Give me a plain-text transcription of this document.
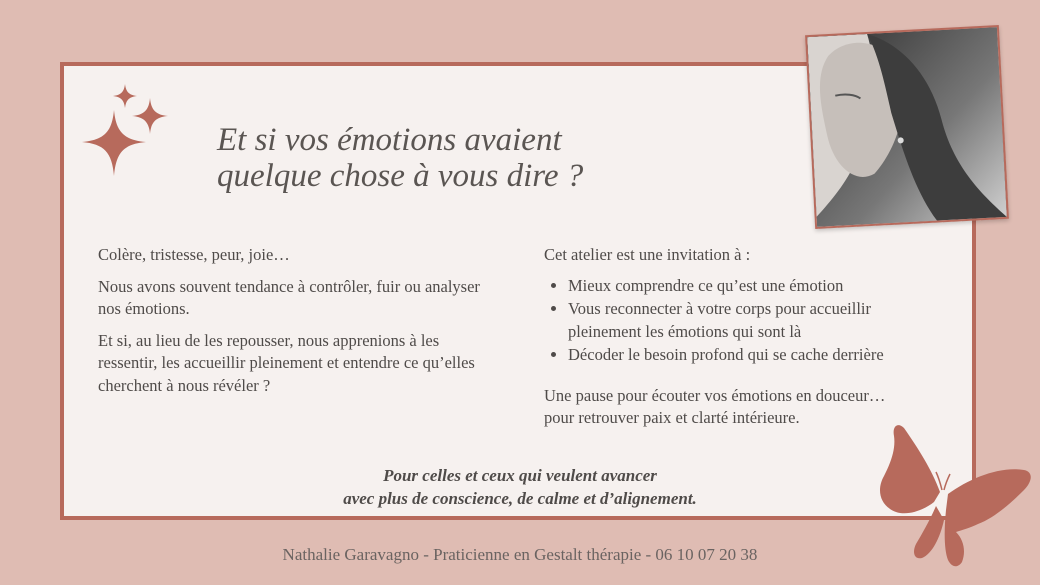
Et si vos émotions avaient
quelque chose à vous dire ?

Colère, tristesse, peur, joie…

Nous avons souvent tendance à contrôler, fuir ou analyser nos émotions.

Et si, au lieu de les repousser, nous apprenions à les ressentir, les accueillir pleinement et entendre ce qu’elles cherchent à nous révéler ?

Cet atelier est une invitation à :

• Mieux comprendre ce qu’est une émotion
• Vous reconnecter à votre corps pour accueillir pleinement les émotions qui sont là
• Décoder le besoin profond qui se cache derrière

Une pause pour écouter vos émotions en douceur…

pour retrouver paix et clarté intérieure.

Pour celles et ceux qui veulent avancer
avec plus de conscience, de calme et d’alignement.
Nathalie Garavagno - Praticienne en Gestalt thérapie - 06 10 07 20 38
